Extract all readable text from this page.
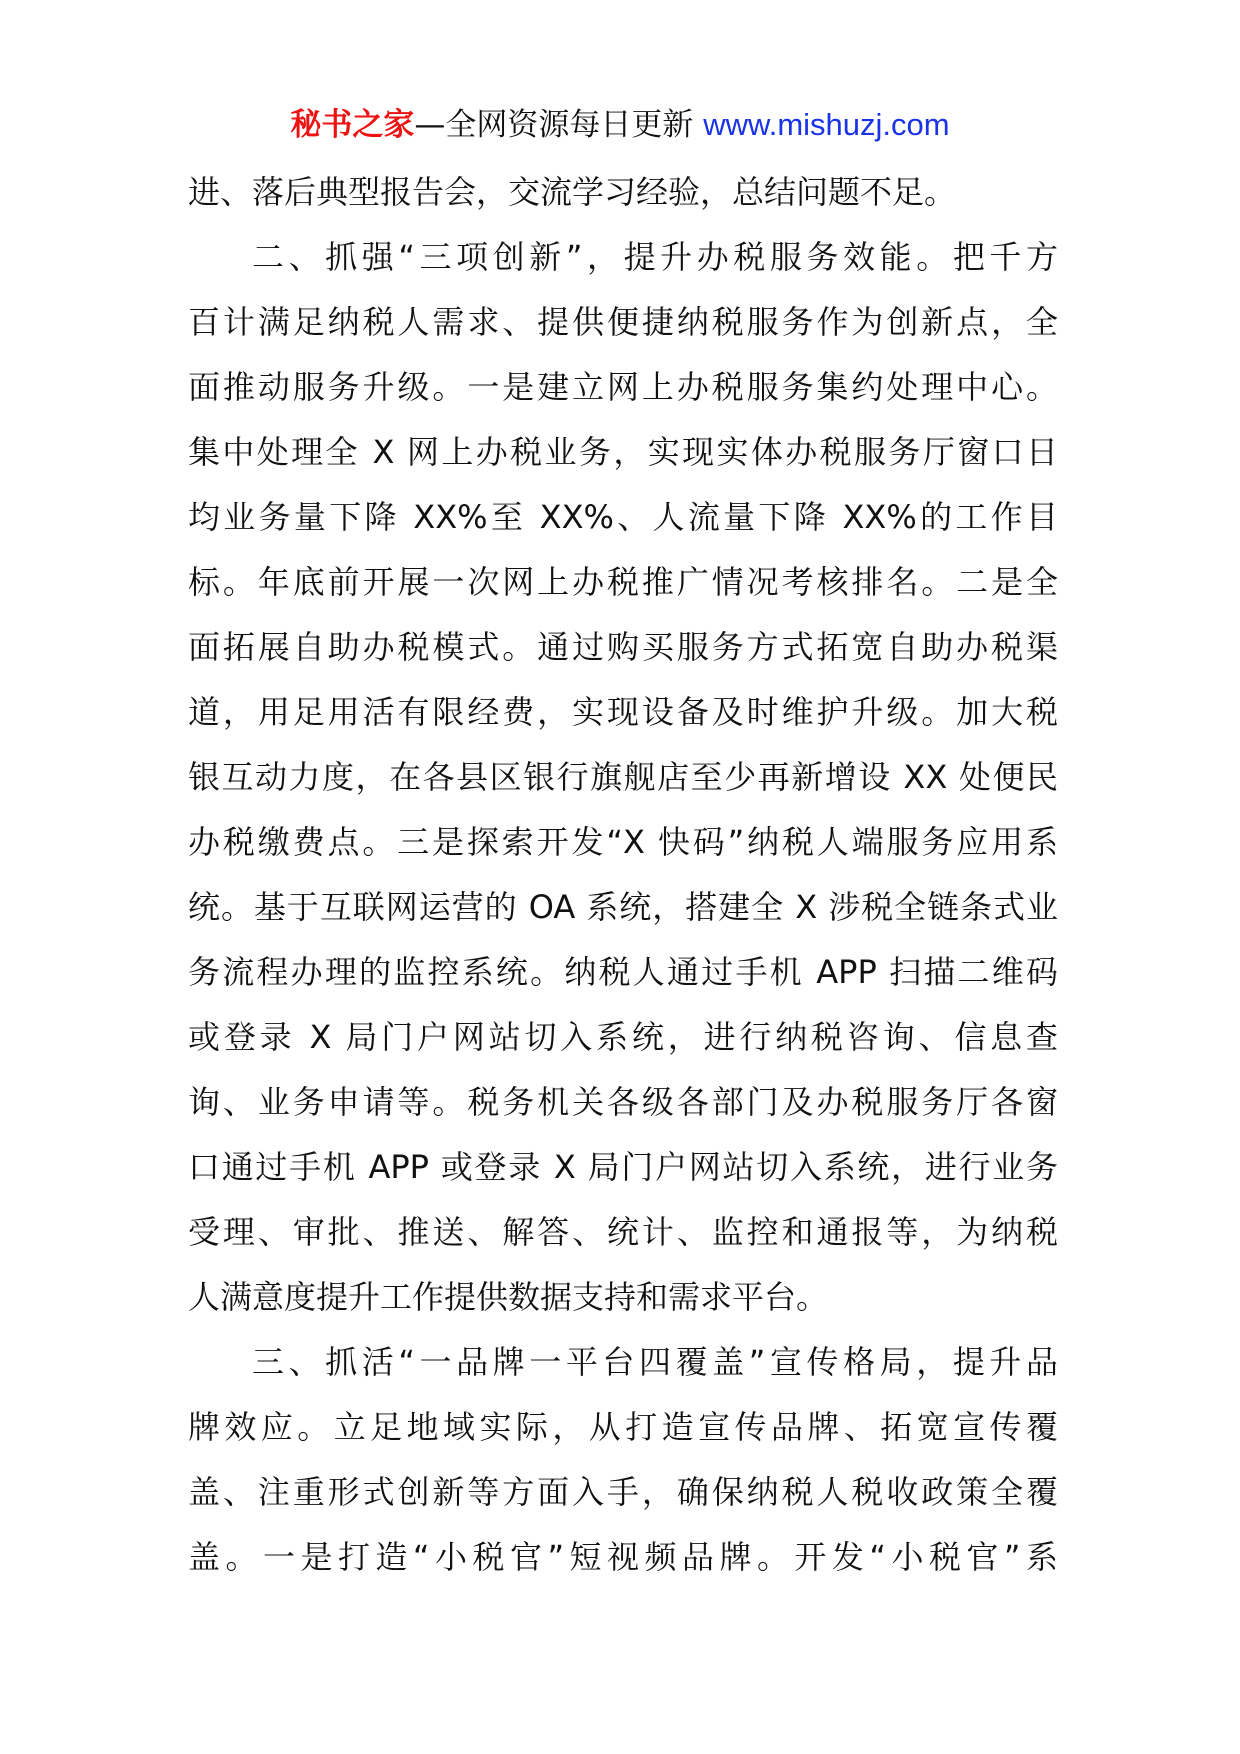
秘书之家—全网资源每日更新 www.mishuzj.com
进、落后典型报告会，交流学习经验，总结问题不足。
二、抓强“三项创新”，提升办税服务效能。把千方
百计满足纳税人需求、提供便捷纳税服务作为创新点，全
面推动服务升级。一是建立网上办税服务集约处理中心。
集中处理全 X 网上办税业务，实现实体办税服务厅窗口日
均业务量下降 XX%至 XX%、人流量下降 XX%的工作目
标。年底前开展一次网上办税推广情况考核排名。二是全
面拓展自助办税模式。通过购买服务方式拓宽自助办税渠
道，用足用活有限经费，实现设备及时维护升级。加大税
银互动力度，在各县区银行旗舰店至少再新增设 XX 处便民
办税缴费点。三是探索开发“X 快码”纳税人端服务应用系
统。基于互联网运营的 OA 系统，搭建全 X 涉税全链条式业
务流程办理的监控系统。纳税人通过手机 APP 扫描二维码
或登录 X 局门户网站切入系统，进行纳税咨询、信息查
询、业务申请等。税务机关各级各部门及办税服务厅各窗
口通过手机 APP 或登录 X 局门户网站切入系统，进行业务
受理、审批、推送、解答、统计、监控和通报等，为纳税
人满意度提升工作提供数据支持和需求平台。
三、抓活“一品牌一平台四覆盖”宣传格局，提升品
牌效应。立足地域实际，从打造宣传品牌、拓宽宣传覆
盖、注重形式创新等方面入手，确保纳税人税收政策全覆
盖。一是打造“小税官”短视频品牌。开发“小税官”系
